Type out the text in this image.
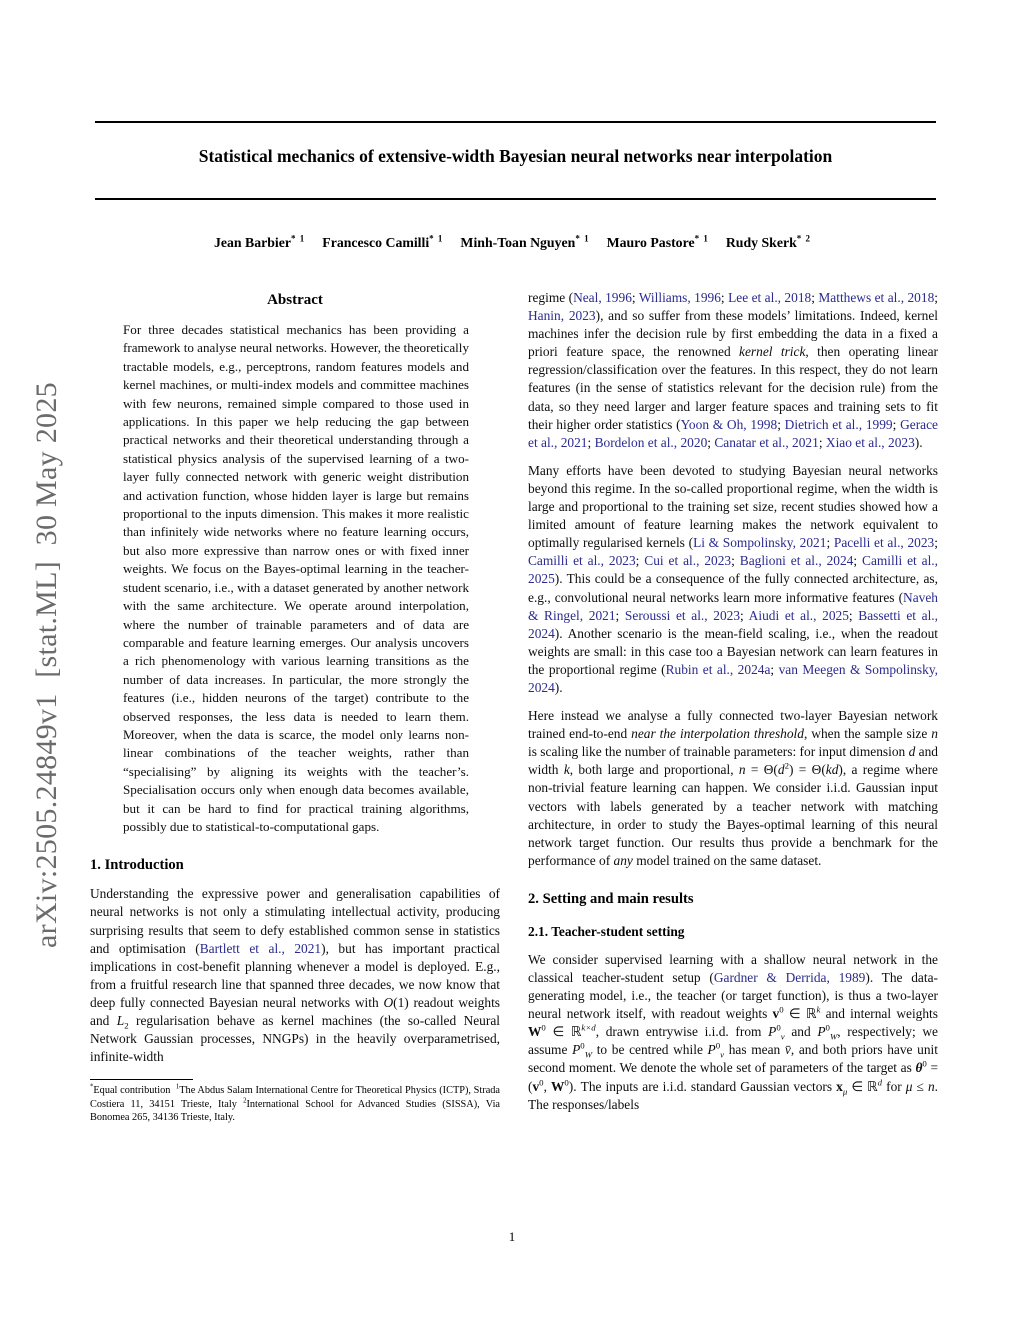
arXiv:2505.24849v1  [stat.ML]  30 May 2025
Statistical mechanics of extensive-width Bayesian neural networks near interpolation
Jean Barbier$^{* 1}$ Francesco Camilli$^{* 1}$ Minh-Toan Nguyen$^{* 1}$ Mauro Pastore$^{* 1}$ Rudy Skerk$^{* 2}$
Abstract

For three decades statistical mechanics has been providing a framework to analyse neural networks. However, the theoretically tractable models, e.g., perceptrons, random features models and kernel machines, or multi-index models and committee machines with few neurons, remained simple compared to those used in applications. In this paper we help reducing the gap between practical networks and their theoretical understanding through a statistical physics analysis of the supervised learning of a two-layer fully connected network with generic weight distribution and activation function, whose hidden layer is large but remains proportional to the inputs dimension. This makes it more realistic than infinitely wide networks where no feature learning occurs, but also more expressive than narrow ones or with fixed inner weights. We focus on the Bayes-optimal learning in the teacher-student scenario, i.e., with a dataset generated by another network with the same architecture. We operate around interpolation, where the number of trainable parameters and of data are comparable and feature learning emerges. Our analysis uncovers a rich phenomenology with various learning transitions as the number of data increases. In particular, the more strongly the features (i.e., hidden neurons of the target) contribute to the observed responses, the less data is needed to learn them. Moreover, when the data is scarce, the model only learns non-linear combinations of the teacher weights, rather than “specialising” by aligning its weights with the teacher’s. Specialisation occurs only when enough data becomes available, but it can be hard to find for practical training algorithms, possibly due to statistical-to-computational gaps.

1. Introduction

Understanding the expressive power and generalisation capabilities of neural networks is not only a stimulating intellectual activity, producing surprising results that seem to defy established common sense in statistics and optimisation (Bartlett et al., 2021), but has important practical implications in cost-benefit planning whenever a model is deployed. E.g., from a fruitful research line that spanned three decades, we now know that deep fully connected Bayesian neural networks with O(1) readout weights and $L_2$ regularisation behave as kernel machines (the so-called Neural Network Gaussian processes, NNGPs) in the heavily overparametrised, infinite-width

*Equal contribution  $^1$The Abdus Salam International Centre for Theoretical Physics (ICTP), Strada Costiera 11, 34151 Trieste, Italy $^2$International School for Advanced Studies (SISSA), Via Bonomea 265, 34136 Trieste, Italy.

regime (Neal, 1996; Williams, 1996; Lee et al., 2018; Matthews et al., 2018; Hanin, 2023), and so suffer from these models’ limitations. Indeed, kernel machines infer the decision rule by first embedding the data in a fixed a priori feature space, the renowned kernel trick, then operating linear regression/classification over the features. In this respect, they do not learn features (in the sense of statistics relevant for the decision rule) from the data, so they need larger and larger feature spaces and training sets to fit their higher order statistics (Yoon & Oh, 1998; Dietrich et al., 1999; Gerace et al., 2021; Bordelon et al., 2020; Canatar et al., 2021; Xiao et al., 2023).

Many efforts have been devoted to studying Bayesian neural networks beyond this regime. In the so-called proportional regime, when the width is large and proportional to the training set size, recent studies showed how a limited amount of feature learning makes the network equivalent to optimally regularised kernels (Li & Sompolinsky, 2021; Pacelli et al., 2023; Camilli et al., 2023; Cui et al., 2023; Baglioni et al., 2024; Camilli et al., 2025). This could be a consequence of the fully connected architecture, as, e.g., convolutional neural networks learn more informative features (Naveh & Ringel, 2021; Seroussi et al., 2023; Aiudi et al., 2025; Bassetti et al., 2024). Another scenario is the mean-field scaling, i.e., when the readout weights are small: in this case too a Bayesian network can learn features in the proportional regime (Rubin et al., 2024a; van Meegen & Sompolinsky, 2024).

Here instead we analyse a fully connected two-layer Bayesian network trained end-to-end near the interpolation threshold, when the sample size n is scaling like the number of trainable parameters: for input dimension d and width k, both large and proportional, $n = \Theta(d^2) = \Theta(kd)$, a regime where non-trivial feature learning can happen. We consider i.i.d. Gaussian input vectors with labels generated by a teacher network with matching architecture, in order to study the Bayes-optimal learning of this neural network target function. Our results thus provide a benchmark for the performance of any model trained on the same dataset.

2. Setting and main results
2.1. Teacher-student setting

We consider supervised learning with a shallow neural network in the classical teacher-student setup (Gardner & Derrida, 1989). The data-generating model, i.e., the teacher (or target function), is thus a two-layer neural network itself, with readout weights $v^0$ ∈ ℝ$^k$ and internal weights $W^0$ ∈ ℝ$^{k\times d}$, drawn entrywise i.i.d. from $P^0_v$ and $P^0_W$, respectively; we assume $P^0_W$ to be centred while $P^0_v$ has mean v̄, and both priors have unit second moment. We denote the whole set of parameters of the target as $\theta^0 = (v^0$, $W^0$). The inputs are i.i.d. standard Gaussian vectors $x_\mu$ ∈ ℝ$^d$ for μ ≤ n. The responses/labels

1
